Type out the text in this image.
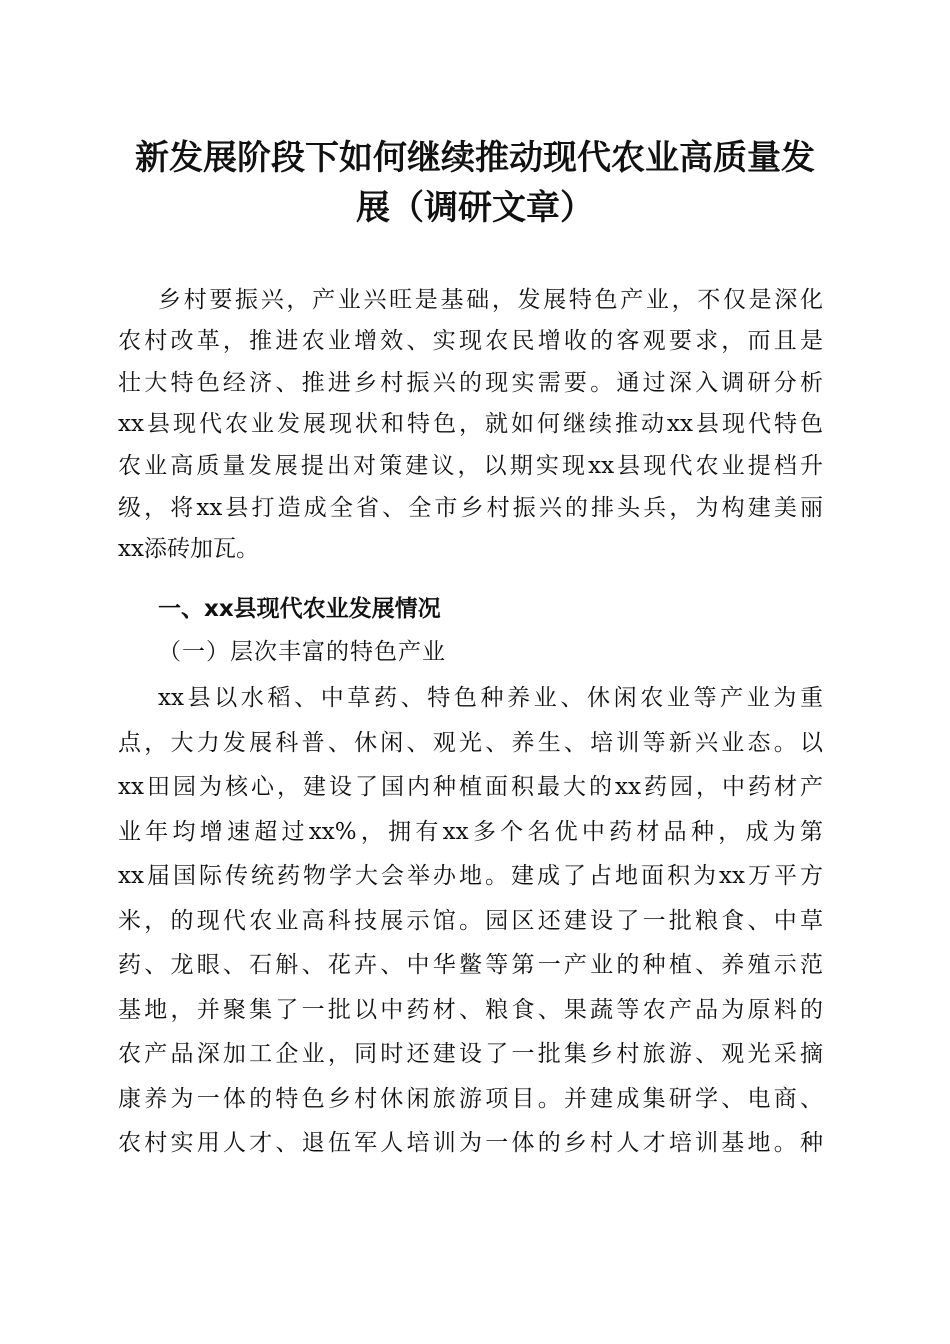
新发展阶段下如何继续推动现代农业高质量发
展（调研文章）
乡村要振兴，产业兴旺是基础，发展特色产业，不仅是深化
农村改革，推进农业增效、实现农民增收的客观要求，而且是
壮大特色经济、推进乡村振兴的现实需要。通过深入调研分析
xx县现代农业发展现状和特色，就如何继续推动xx县现代特色
农业高质量发展提出对策建议，以期实现xx县现代农业提档升
级，将xx县打造成全省、全市乡村振兴的排头兵，为构建美丽
xx添砖加瓦。
一、xx县现代农业发展情况
（一）层次丰富的特色产业
xx县以水稻、中草药、特色种养业、休闲农业等产业为重
点，大力发展科普、休闲、观光、养生、培训等新兴业态。以
xx田园为核心，建设了国内种植面积最大的xx药园，中药材产
业年均增速超过xx%，拥有xx多个名优中药材品种，成为第
xx届国际传统药物学大会举办地。建成了占地面积为xx万平方
米，的现代农业高科技展示馆。园区还建设了一批粮食、中草
药、龙眼、石斛、花卉、中华鳖等第一产业的种植、养殖示范
基地，并聚集了一批以中药材、粮食、果蔬等农产品为原料的
农产品深加工企业，同时还建设了一批集乡村旅游、观光采摘
康养为一体的特色乡村休闲旅游项目。并建成集研学、电商、
农村实用人才、退伍军人培训为一体的乡村人才培训基地。种
